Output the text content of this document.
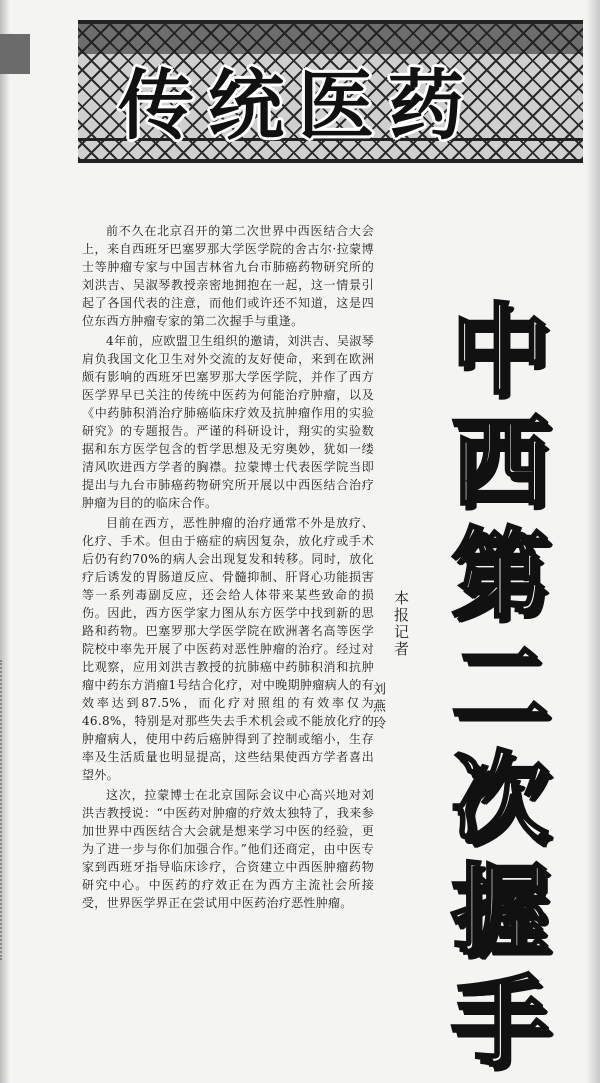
传统医药

前不久在北京召开的第二次世界中西医结合大会上，来自西班牙巴塞罗那大学医学院的舍古尔·拉蒙博士等肿瘤专家与中国吉林省九台市肺癌药物研究所的刘洪吉、吴淑琴教授亲密地拥抱在一起，这一情景引起了各国代表的注意，而他们或许还不知道，这是四位东西方肿瘤专家的第二次握手与重逢。

4年前，应欧盟卫生组织的邀请，刘洪吉、吴淑琴肩负我国文化卫生对外交流的友好使命，来到在欧洲颇有影响的西班牙巴塞罗那大学医学院，并作了西方医学界早已关注的传统中医药为何能治疗肿瘤，以及《中药肺积消治疗肺癌临床疗效及抗肿瘤作用的实验研究》的专题报告。严谨的科研设计，翔实的实验数据和东方医学包含的哲学思想及无穷奥妙，犹如一缕清风吹进西方学者的胸襟。拉蒙博士代表医学院当即提出与九台市肺癌药物研究所开展以中西医结合治疗肿瘤为目的的临床合作。

目前在西方，恶性肿瘤的治疗通常不外是放疗、化疗、手术。但由于癌症的病因复杂，放化疗或手术后仍有约70%的病人会出现复发和转移。同时，放化疗后诱发的胃肠道反应、骨髓抑制、肝肾心功能损害等一系列毒副反应，还会给人体带来某些致命的损伤。因此，西方医学家力图从东方医学中找到新的思路和药物。巴塞罗那大学医学院在欧洲著名高等医学院校中率先开展了中医药对恶性肿瘤的治疗。经过对比观察，应用刘洪吉教授的抗肺癌中药肺积消和抗肿瘤中药东方消瘤1号结合化疗，对中晚期肿瘤病人的有效率达到87.5%，而化疗对照组的有效率仅为46.8%，特别是对那些失去手术机会或不能放化疗的肿瘤病人，使用中药后癌肿得到了控制或缩小，生存率及生活质量也明显提高，这些结果使西方学者喜出望外。

这次，拉蒙博士在北京国际会议中心高兴地对刘洪吉教授说：“中医药对肿瘤的疗效太独特了，我来参加世界中西医结合大会就是想来学习中医的经验，更为了进一步与你们加强合作。”他们还商定，由中医专家到西班牙指导临床诊疗，合资建立中西医肿瘤药物研究中心。中医药的疗效正在为西方主流社会所接受，世界医学界正在尝试用中医药治疗恶性肿瘤。

本报记者
刘燕玲
中
西
第
二
次
握
手
